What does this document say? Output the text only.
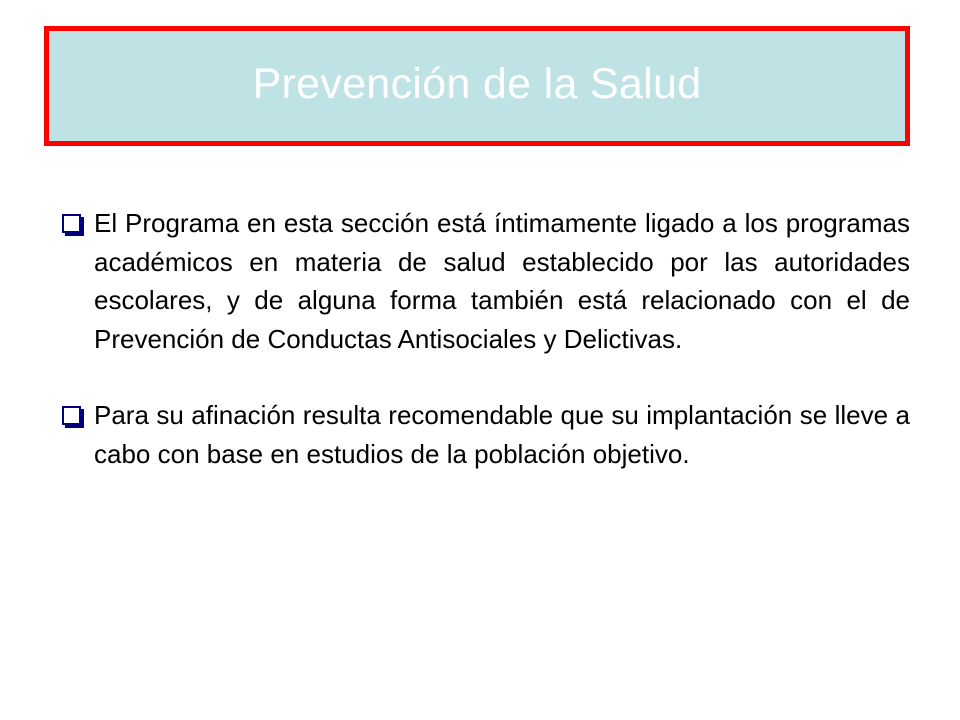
Prevención de la Salud
El Programa en esta sección está íntimamente ligado a los programas académicos en materia de salud establecido por las autoridades escolares, y de alguna forma también está relacionado con el de Prevención de Conductas Antisociales y Delictivas.
Para su afinación resulta recomendable que su implantación se lleve a cabo con base en estudios de la población objetivo.
